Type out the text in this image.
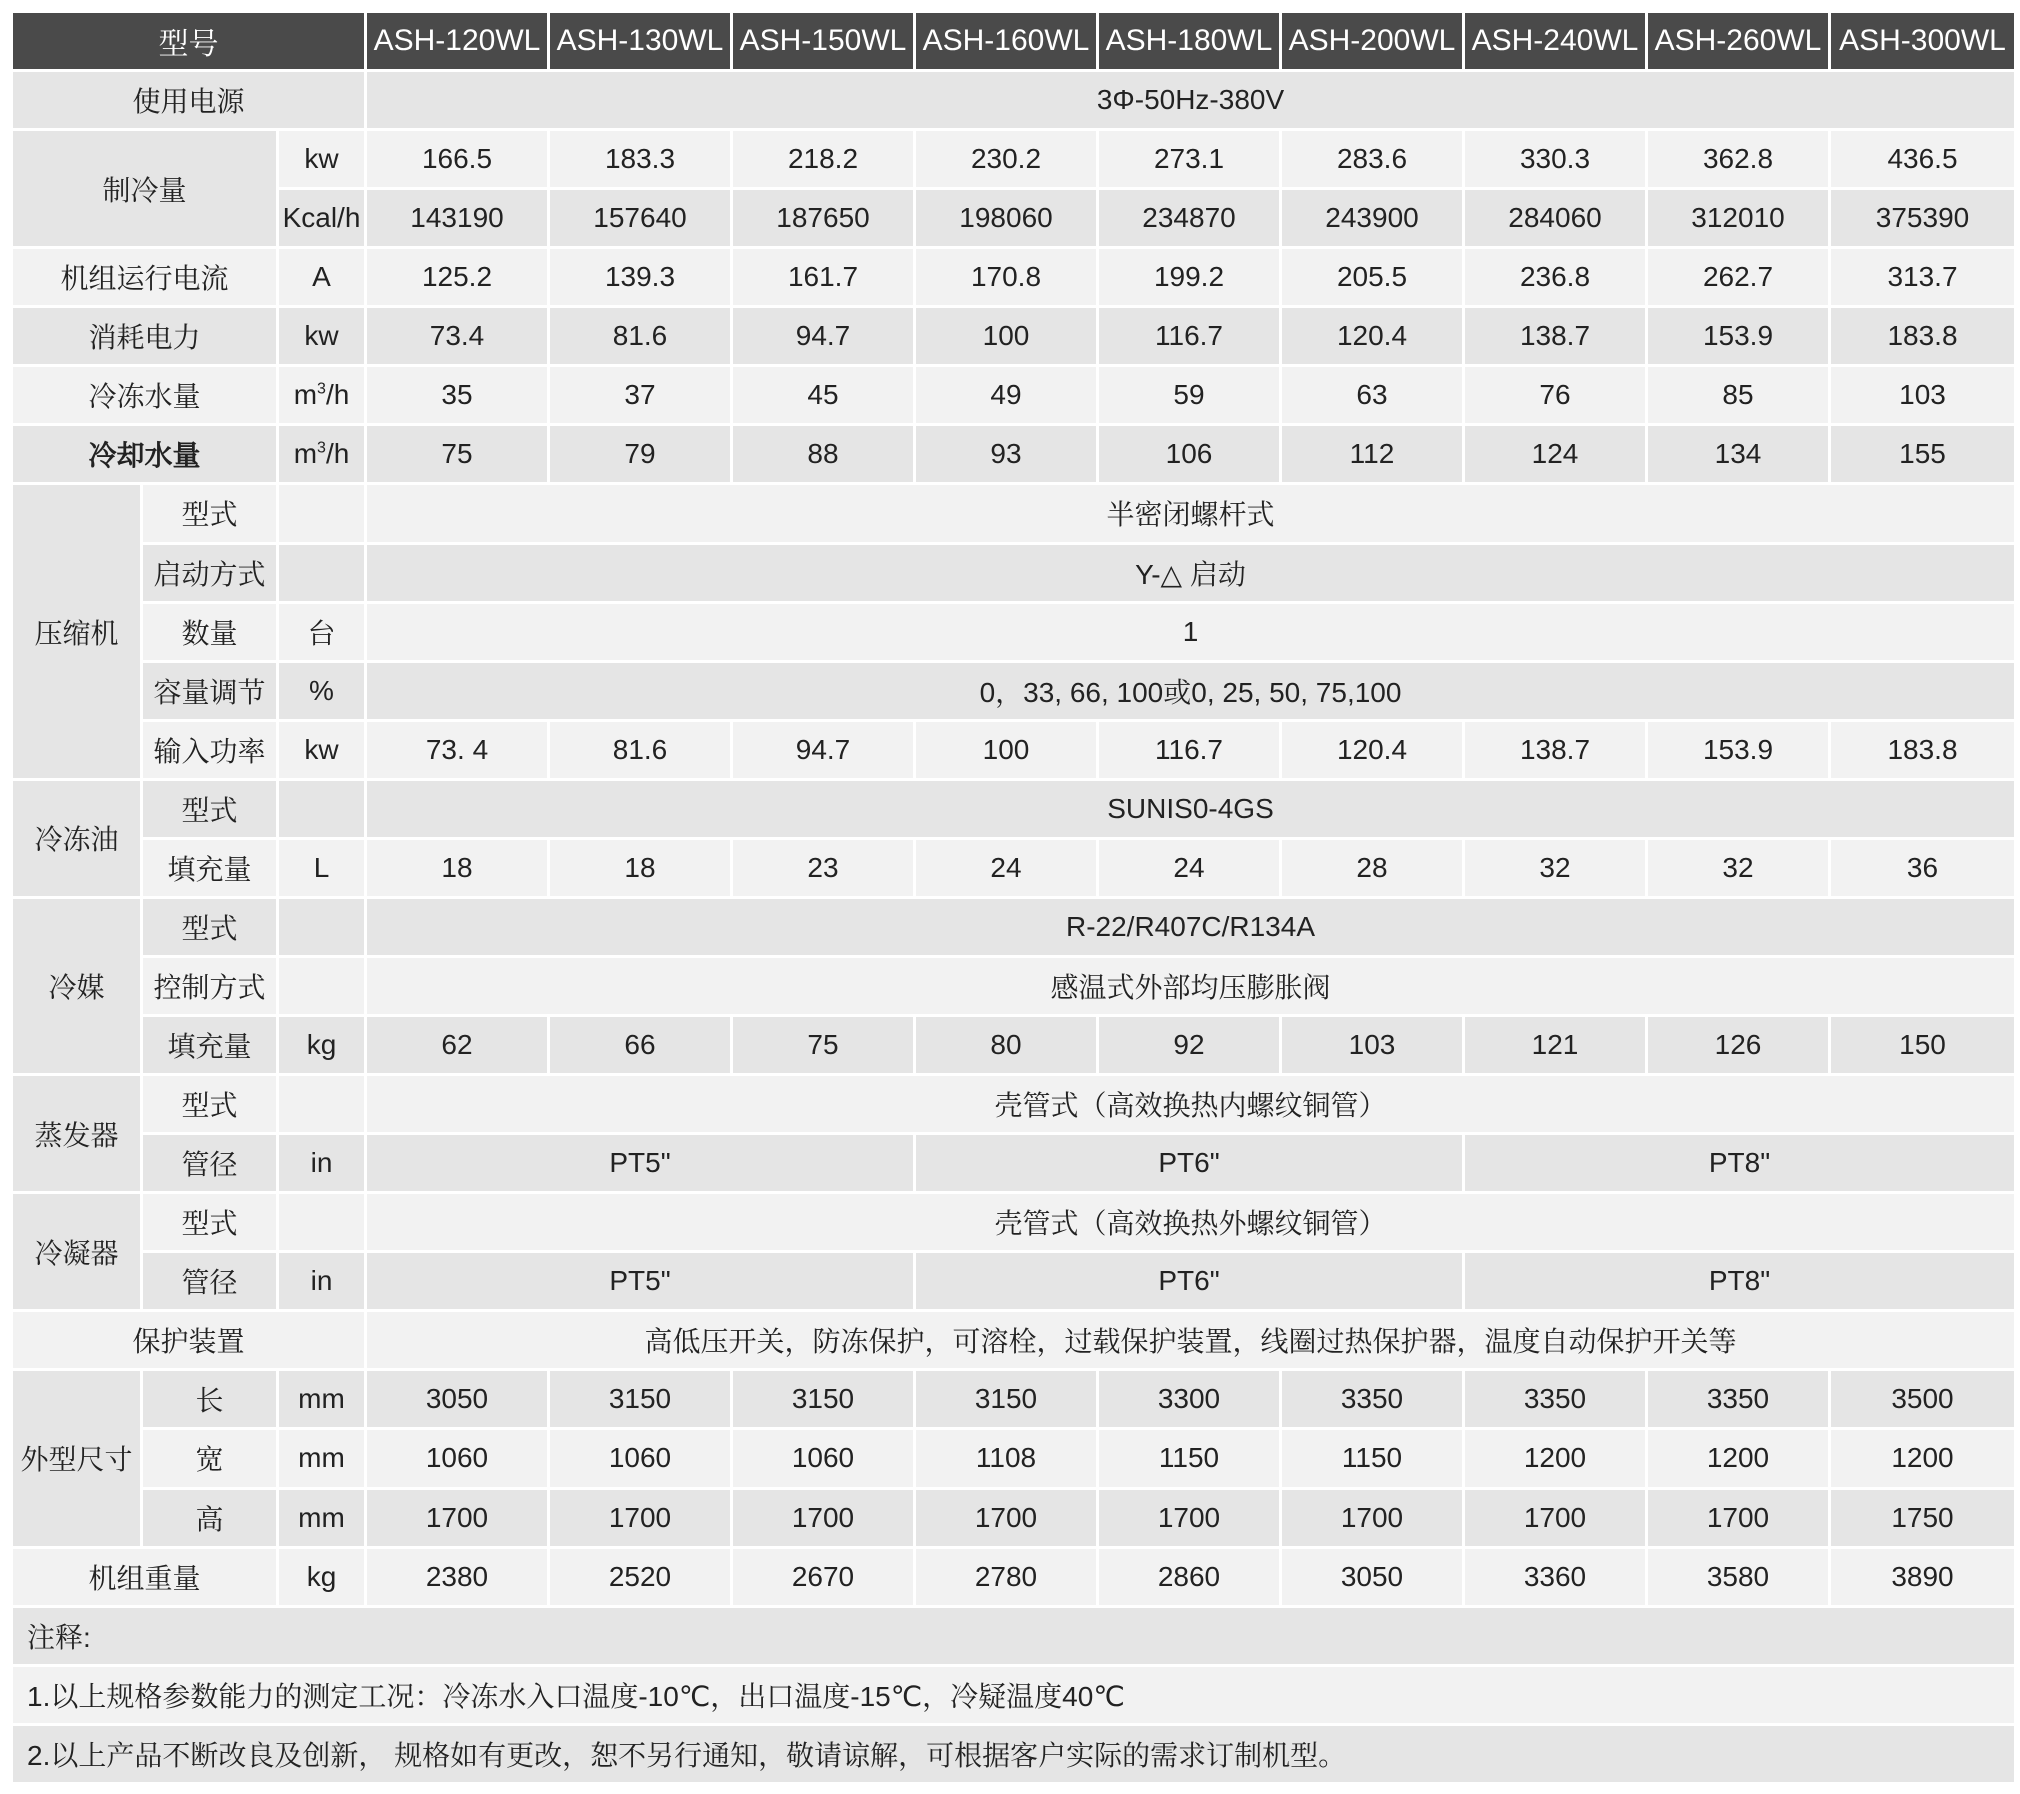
型号			ASH-120WL	ASH-130WL	ASH-150WL	ASH-160WL	ASH-180WL	ASH-200WL	ASH-240WL	ASH-260WL	ASH-300WL
使用电源			3Φ-50Hz-380V								
制冷量		kw	166.5	183.3	218.2	230.2	273.1	283.6	330.3	362.8	436.5
		Kcal/h	143190	157640	187650	198060	234870	243900	284060	312010	375390
机组运行电流		A	125.2	139.3	161.7	170.8	199.2	205.5	236.8	262.7	313.7
消耗电力		kw	73.4	81.6	94.7	100	116.7	120.4	138.7	153.9	183.8
冷冻水量		$m^3/h$	35	37	45	49	59	63	76	85	103
冷却水量		$m^3/h$	75	79	88	93	106	112	124	134	155
压缩机	型式		半密闭螺杆式								
	启动方式		Y-△ 启动								
	数量	台	1								
	容量调节	%	0，33, 66, 100或0, 25, 50, 75,100								
	输入功率	kw	73. 4	81.6	94.7	100	116.7	120.4	138.7	153.9	183.8
冷冻油	型式		SUNIS0-4GS								
	填充量	L	18	18	23	24	24	28	32	32	36
冷媒	型式		R-22/R407C/R134A								
	控制方式		感温式外部均压膨胀阀								
	填充量	kg	62	66	75	80	92	103	121	126	150
蒸发器	型式		壳管式（高效换热内螺纹铜管）								
	管径	in	PT5"			PT6"			PT8"		
冷凝器	型式		壳管式（高效换热外螺纹铜管）								
	管径	in	PT5"			PT6"			PT8"		
保护装置			高低压开关，防冻保护，可溶栓，过载保护装置，线圈过热保护器，温度自动保护开关等								
外型尺寸	长	mm	3050	3150	3150	3150	3300	3350	3350	3350	3500
	宽	mm	1060	1060	1060	1108	1150	1150	1200	1200	1200
	高	mm	1700	1700	1700	1700	1700	1700	1700	1700	1750
机组重量		kg	2380	2520	2670	2780	2860	3050	3360	3580	3890
注释:											
1.以上规格参数能力的测定工况：冷冻水入口温度-10℃，出口温度-15℃，冷疑温度40℃											
2.以上产品不断改良及创新， 规格如有更改，恕不另行通知，敬请谅解，可根据客户实际的需求订制机型。											
